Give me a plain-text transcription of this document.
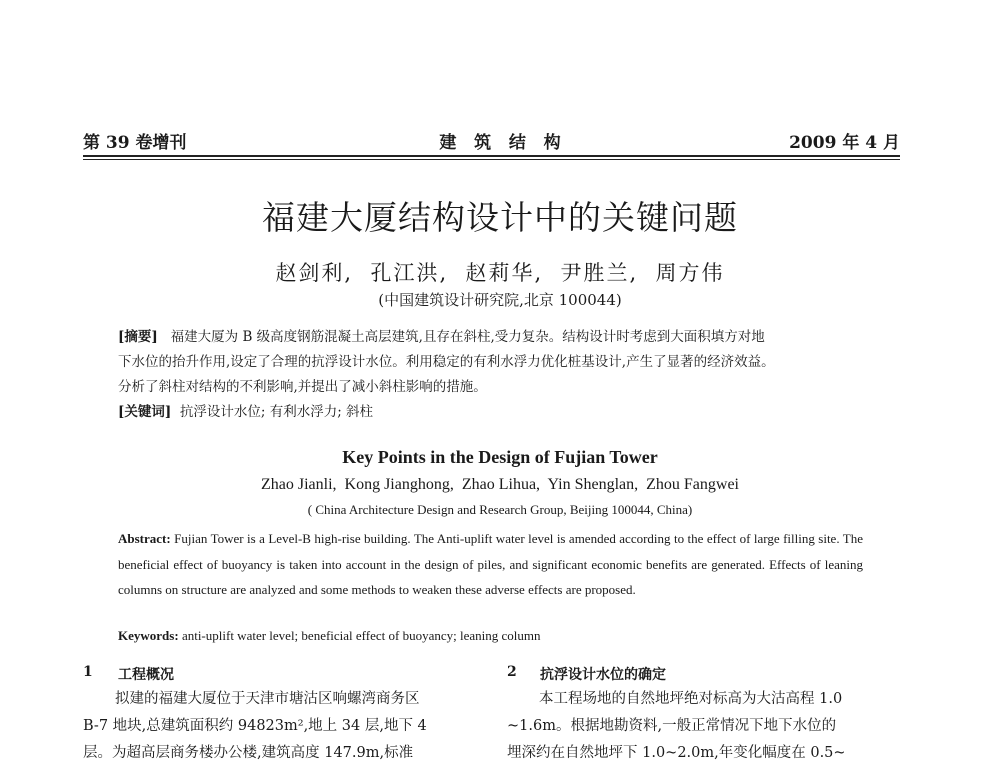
第 39 卷增刊	建   筑   结   构	2009 年 4 月
福建大厦结构设计中的关键问题
赵剑利,  孔江洪,  赵莉华,  尹胜兰,  周方伟
(中国建筑设计研究院,北京 100044)
[摘要] 福建大厦为 B 级高度钢筋混凝土高层建筑,且存在斜柱,受力复杂。结构设计时考虑到大面积填方对地
下水位的抬升作用,设定了合理的抗浮设计水位。利用稳定的有利水浮力优化桩基设计,产生了显著的经济效益。
分析了斜柱对结构的不利影响,并提出了减小斜柱影响的措施。
[关键词] 抗浮设计水位; 有利水浮力; 斜柱
Key Points in the Design of Fujian Tower
Zhao Jianli,  Kong Jianghong,  Zhao Lihua,  Yin Shenglan,  Zhou Fangwei
( China Architecture Design and Research Group, Beijing 100044, China)
Abstract: Fujian Tower is a Level-B high-rise building. The Anti-uplift water level is amended according to the effect of large filling site. The beneficial effect of buoyancy is taken into account in the design of piles, and significant economic benefits are generated. Effects of leaning columns on structure are analyzed and some methods to weaken these adverse effects are proposed.
Keywords: anti-uplift water level; beneficial effect of buoyancy; leaning column
1 工程概况	2 抗浮设计水位的确定
拟建的福建大厦位于天津市塘沽区响螺湾商务区
B-7 地块,总建筑面积约 94823m²,地上 34 层,地下 4
层。为超高层商务楼办公楼,建筑高度 147.9m,标准
本工程场地的自然地坪绝对标高为大沽高程 1.0
~1.6m。根据地勘资料,一般正常情况下地下水位的
埋深约在自然地坪下 1.0~2.0m,年变化幅度在 0.5~
